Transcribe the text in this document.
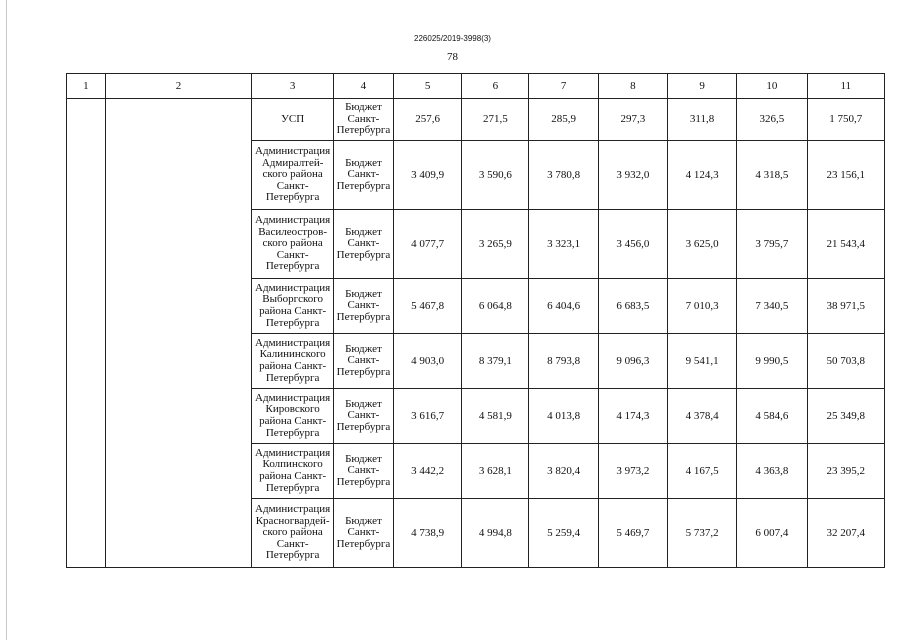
226025/2019-3998(3)
78
1	2	3	4	5	6	7	8	9	10	11
		УСП	Бюджет Санкт-Петербурга	257,6	271,5	285,9	297,3	311,8	326,5	1 750,7
		Администрация Адмиралтей-ского района Санкт-Петербурга	Бюджет Санкт-Петербурга	3 409,9	3 590,6	3 780,8	3 932,0	4 124,3	4 318,5	23 156,1
		Администрация Василеостров-ского района Санкт-Петербурга	Бюджет Санкт-Петербурга	4 077,7	3 265,9	3 323,1	3 456,0	3 625,0	3 795,7	21 543,4
		Администрация Выборгского района Санкт-Петербурга	Бюджет Санкт-Петербурга	5 467,8	6 064,8	6 404,6	6 683,5	7 010,3	7 340,5	38 971,5
		Администрация Калининского района Санкт-Петербурга	Бюджет Санкт-Петербурга	4 903,0	8 379,1	8 793,8	9 096,3	9 541,1	9 990,5	50 703,8
		Администрация Кировского района Санкт-Петербурга	Бюджет Санкт-Петербурга	3 616,7	4 581,9	4 013,8	4 174,3	4 378,4	4 584,6	25 349,8
		Администрация Колпинского района Санкт-Петербурга	Бюджет Санкт-Петербурга	3 442,2	3 628,1	3 820,4	3 973,2	4 167,5	4 363,8	23 395,2
		Администрация Красногвардей-ского района Санкт-Петербурга	Бюджет Санкт-Петербурга	4 738,9	4 994,8	5 259,4	5 469,7	5 737,2	6 007,4	32 207,4
